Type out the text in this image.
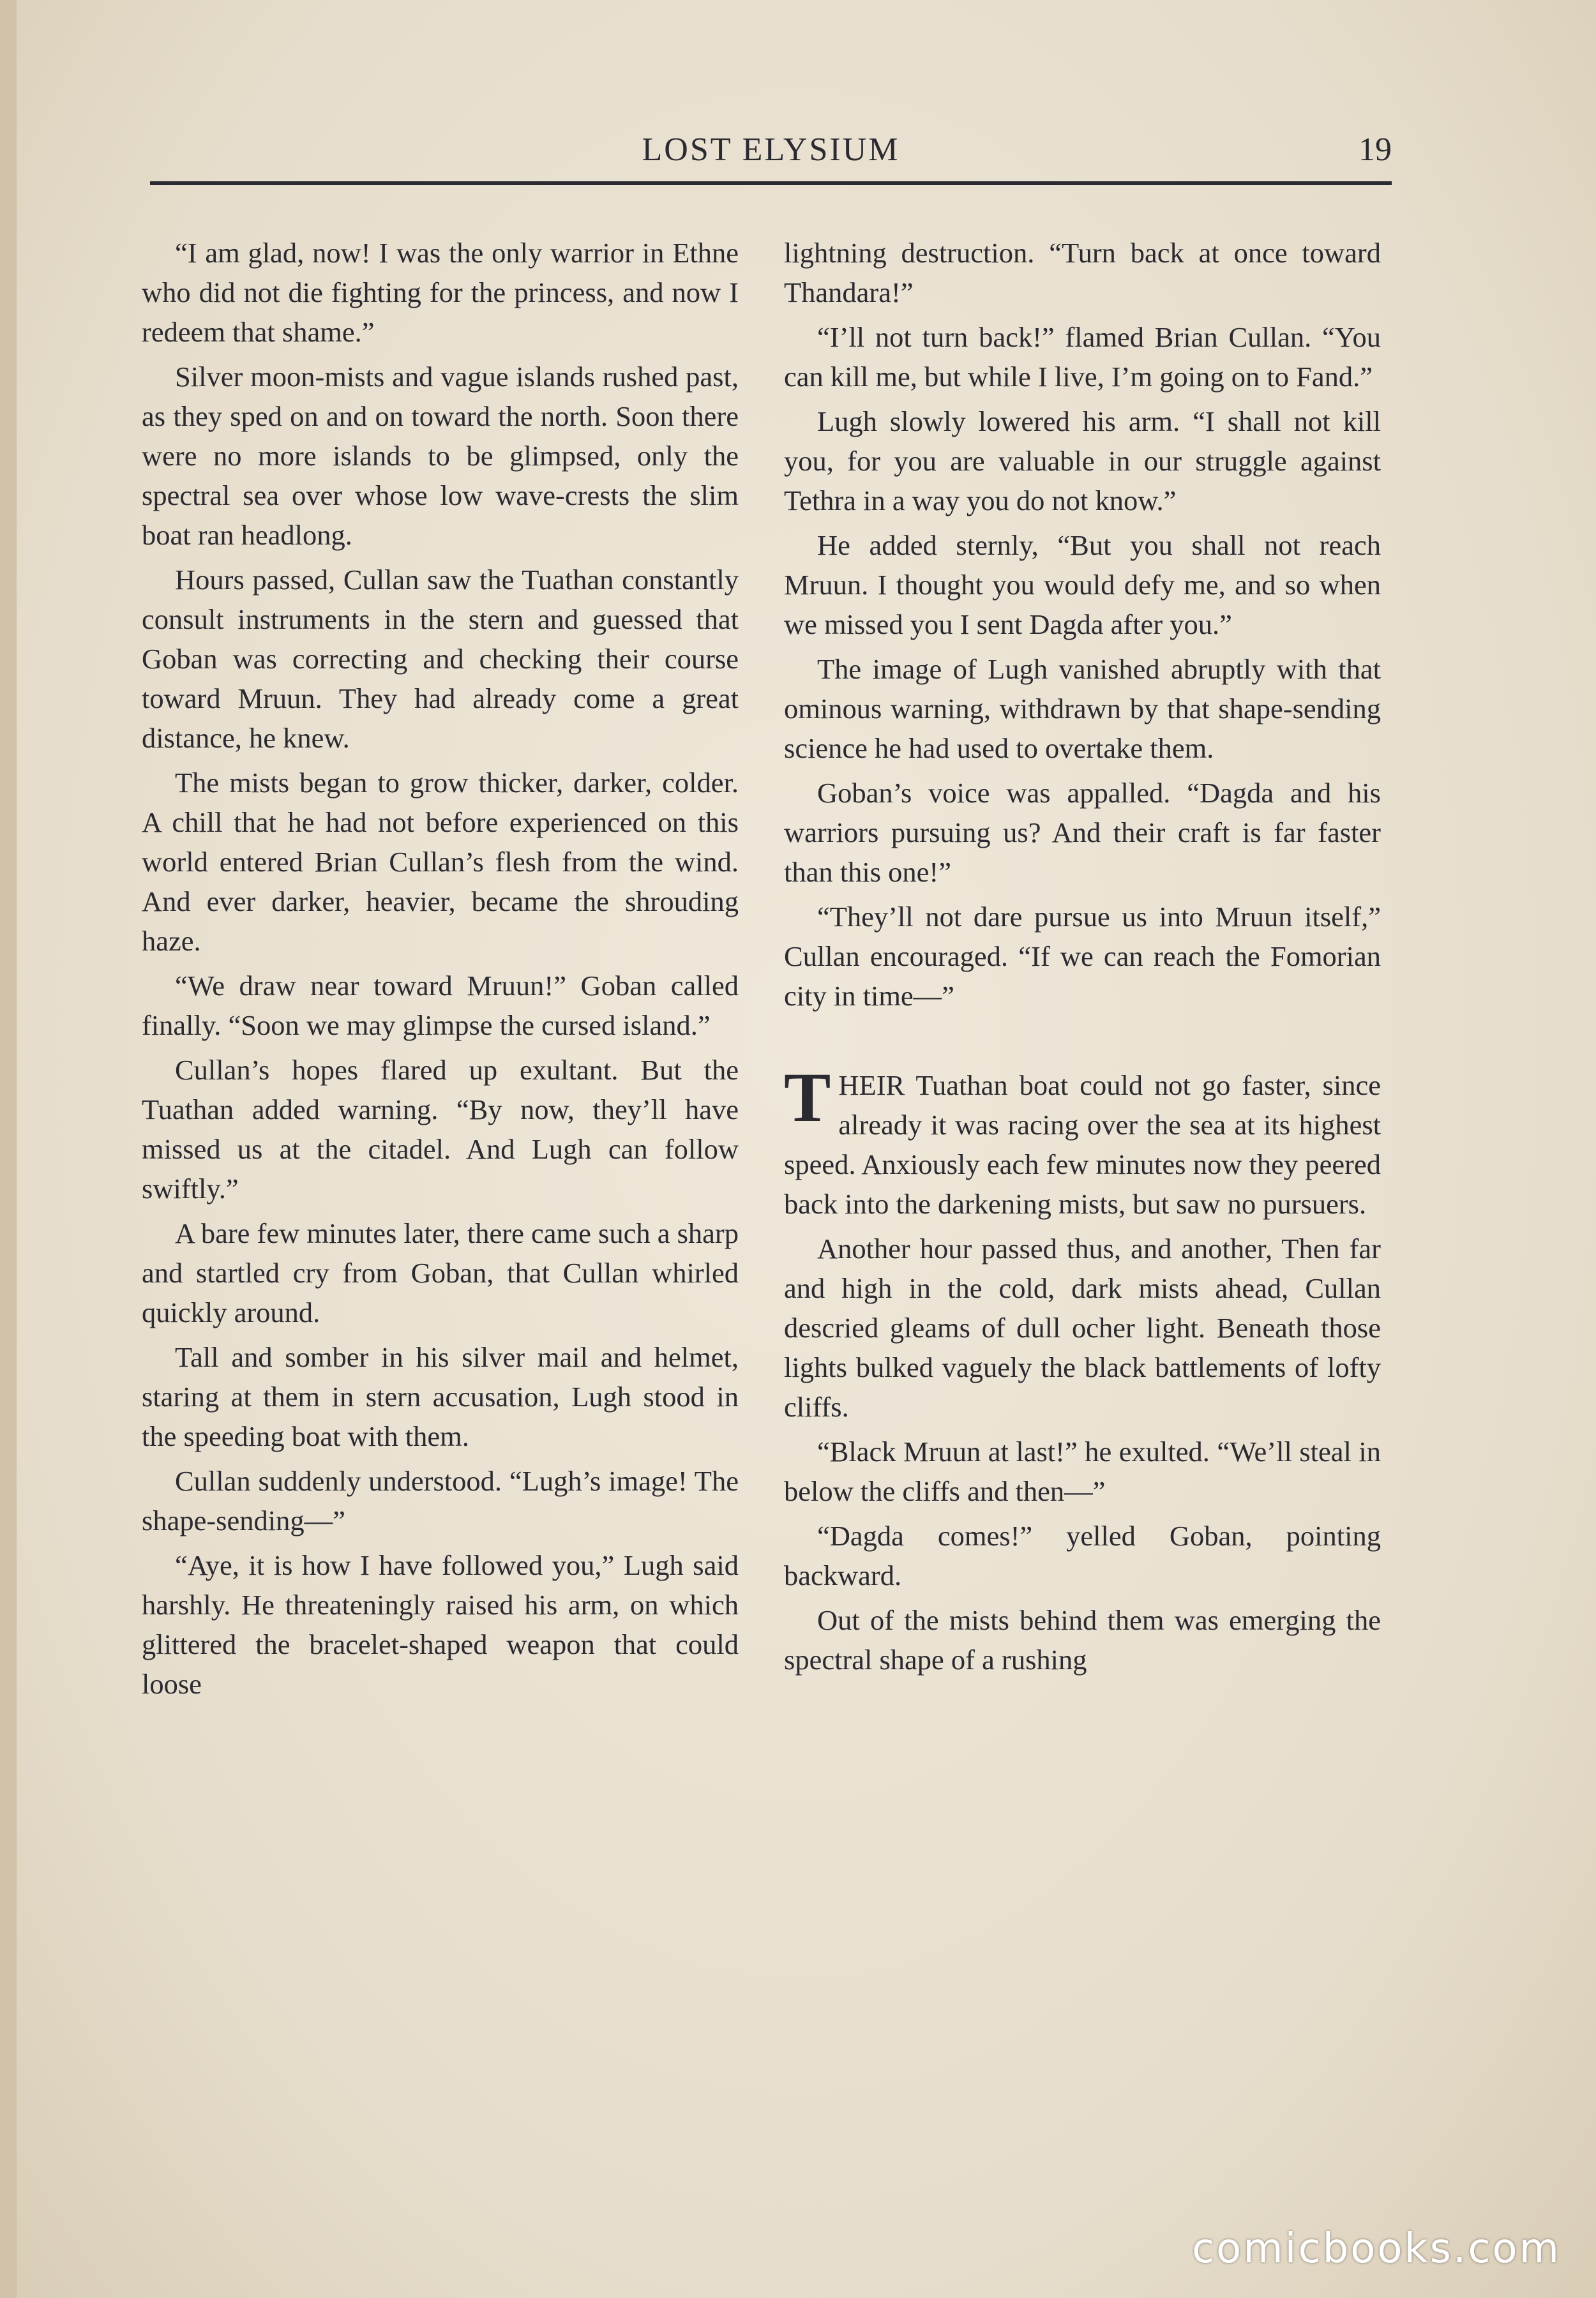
LOST ELYSIUM	19

“I am glad, now! I was the only warrior in Ethne who did not die fighting for the princess, and now I redeem that shame.”

Silver moon-mists and vague islands rushed past, as they sped on and on toward the north. Soon there were no more islands to be glimpsed, only the spectral sea over whose low wave-crests the slim boat ran headlong.

Hours passed, Cullan saw the Tuathan constantly consult instruments in the stern and guessed that Goban was correcting and checking their course toward Mruun. They had already come a great distance, he knew.

The mists began to grow thicker, darker, colder. A chill that he had not before experienced on this world entered Brian Cullan’s flesh from the wind. And ever darker, heavier, became the shrouding haze.

“We draw near toward Mruun!” Goban called finally. “Soon we may glimpse the cursed island.”

Cullan’s hopes flared up exultant. But the Tuathan added warning. “By now, they’ll have missed us at the citadel. And Lugh can follow swiftly.”

A bare few minutes later, there came such a sharp and startled cry from Goban, that Cullan whirled quickly around.

Tall and somber in his silver mail and helmet, staring at them in stern accusation, Lugh stood in the speeding boat with them.

Cullan suddenly understood. “Lugh’s image! The shape-sending—”

“Aye, it is how I have followed you,” Lugh said harshly. He threateningly raised his arm, on which glittered the bracelet-shaped weapon that could loose

lightning destruction. “Turn back at once toward Thandara!”

“I’ll not turn back!” flamed Brian Cullan. “You can kill me, but while I live, I’m going on to Fand.”

Lugh slowly lowered his arm. “I shall not kill you, for you are valuable in our struggle against Tethra in a way you do not know.”

He added sternly, “But you shall not reach Mruun. I thought you would defy me, and so when we missed you I sent Dagda after you.”

The image of Lugh vanished abruptly with that ominous warning, withdrawn by that shape-sending science he had used to overtake them.

Goban’s voice was appalled. “Dagda and his warriors pursuing us? And their craft is far faster than this one!”

“They’ll not dare pursue us into Mruun itself,” Cullan encouraged. “If we can reach the Fomorian city in time—”

THEIR Tuathan boat could not go faster, since already it was racing over the sea at its highest speed. Anxiously each few minutes now they peered back into the darkening mists, but saw no pursuers.

Another hour passed thus, and another, Then far and high in the cold, dark mists ahead, Cullan descried gleams of dull ocher light. Beneath those lights bulked vaguely the black battlements of lofty cliffs.

“Black Mruun at last!” he exulted. “We’ll steal in below the cliffs and then—”

“Dagda comes!” yelled Goban, pointing backward.

Out of the mists behind them was emerging the spectral shape of a rushing

comicbooks.com
